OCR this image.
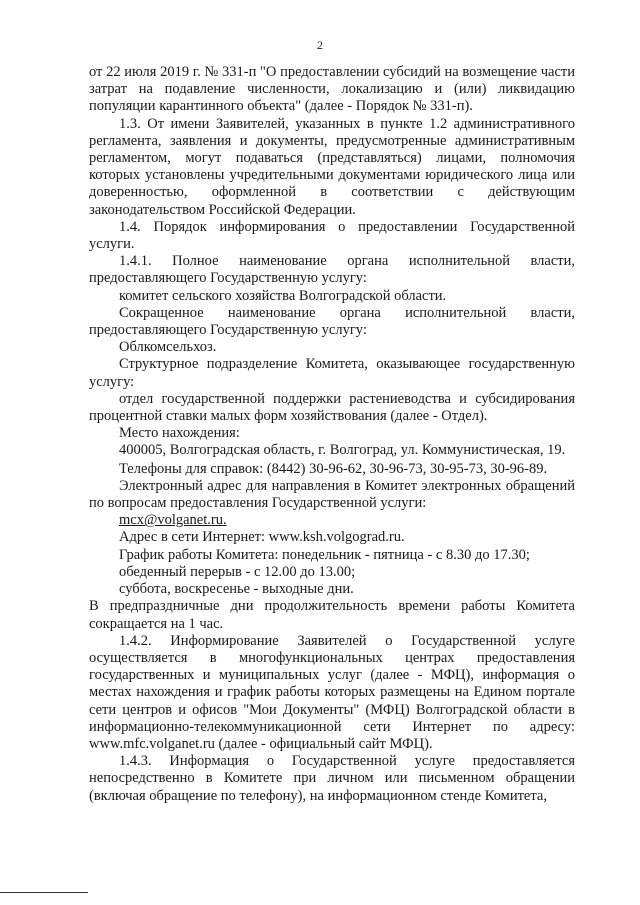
2

от 22 июля 2019 г. № 331-п "О предоставлении субсидий на возмещение части затрат на подавление численности, локализацию и (или) ликвидацию популяции карантинного объекта" (далее - Порядок № 331-п).

1.3. От имени Заявителей, указанных в пункте 1.2 административного регламента, заявления и документы, предусмотренные административным регламентом, могут подаваться (представляться) лицами, полномочия которых установлены учредительными документами юридического лица или доверенностью, оформленной в соответствии с действующим законодательством Российской Федерации.

1.4. Порядок информирования о предоставлении Государственной услуги.

1.4.1. Полное наименование органа исполнительной власти, предоставляющего Государственную услугу:

комитет сельского хозяйства Волгоградской области.

Сокращенное наименование органа исполнительной власти, предоставляющего Государственную услугу:

Облкомсельхоз.

Структурное подразделение Комитета, оказывающее государственную услугу:

отдел государственной поддержки растениеводства и субсидирования процентной ставки малых форм хозяйствования (далее - Отдел).

Место нахождения:

400005, Волгоградская область, г. Волгоград, ул. Коммунистическая, 19.

Телефоны для справок: (8442) 30-96-62, 30-96-73, 30-95-73, 30-96-89.

Электронный адрес для направления в Комитет электронных обращений по вопросам предоставления Государственной услуги:

mcx@volganet.ru.

Адрес в сети Интернет: www.ksh.volgograd.ru.

График работы Комитета: понедельник - пятница - с 8.30 до 17.30;

обеденный перерыв - с 12.00 до 13.00;

суббота, воскресенье - выходные дни.

В предпраздничные дни продолжительность времени работы Комитета сокращается на 1 час.

1.4.2. Информирование Заявителей о Государственной услуге осуществляется в многофункциональных центрах предоставления государственных и муниципальных услуг (далее - МФЦ), информация о местах нахождения и график работы которых размещены на Едином портале сети центров и офисов "Мои Документы" (МФЦ) Волгоградской области в информационно-телекоммуникационной сети Интернет по адресу: www.mfc.volganet.ru (далее - официальный сайт МФЦ).

1.4.3. Информация о Государственной услуге предоставляется непосредственно в Комитете при личном или письменном обращении (включая обращение по телефону), на информационном стенде Комитета,
